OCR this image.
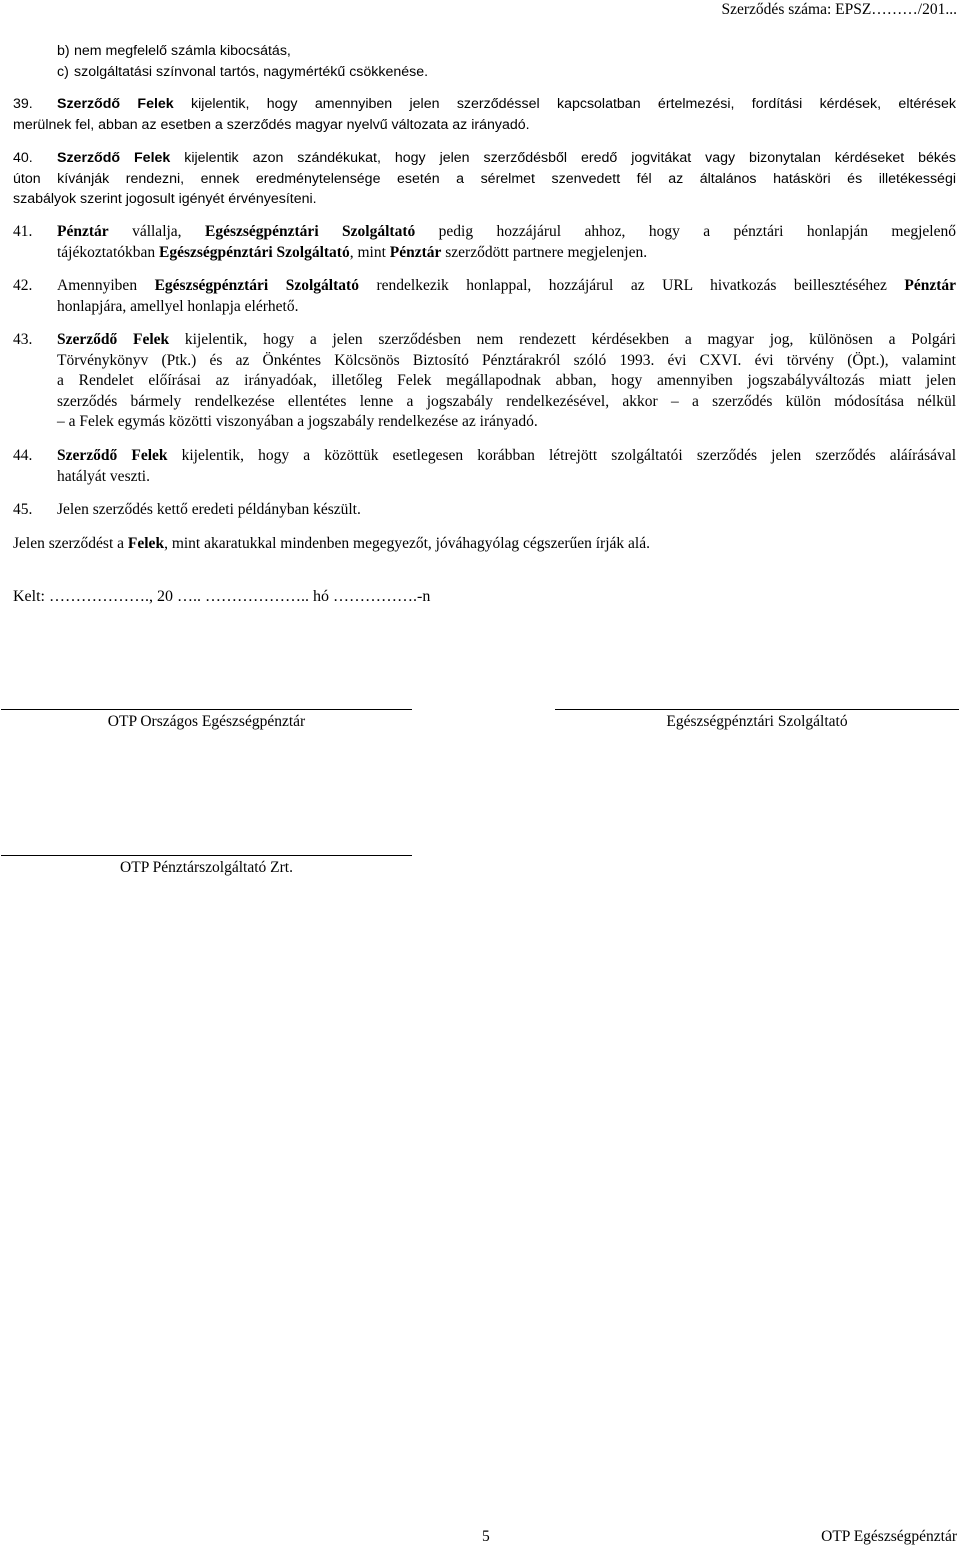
Szerződés száma: EPSZ………/201...
b) nem megfelelő számla kibocsátás,
c) szolgáltatási színvonal tartós, nagymértékű csökkenése.
39. Szerződő Felek kijelentik, hogy amennyiben jelen szerződéssel kapcsolatban értelmezési, fordítási kérdések, eltérések
merülnek fel, abban az esetben a szerződés magyar nyelvű változata az irányadó.
40. Szerződő Felek kijelentik azon szándékukat, hogy jelen szerződésből eredő jogvitákat vagy bizonytalan kérdéseket békés
úton kívánják rendezni, ennek eredménytelensége esetén a sérelmet szenvedett fél az általános hatásköri és illetékességi
szabályok szerint jogosult igényét érvényesíteni.
41. Pénztár vállalja, Egészségpénztári Szolgáltató pedig hozzájárul ahhoz, hogy a pénztári honlapján megjelenő
tájékoztatókban Egészségpénztári Szolgáltató, mint Pénztár szerződött partnere megjelenjen.
42. Amennyiben Egészségpénztári Szolgáltató rendelkezik honlappal, hozzájárul az URL hivatkozás beillesztéséhez Pénztár
honlapjára, amellyel honlapja elérhető.
43. Szerződő Felek kijelentik, hogy a jelen szerződésben nem rendezett kérdésekben a magyar jog, különösen a Polgári
Törvénykönyv (Ptk.) és az Önkéntes Kölcsönös Biztosító Pénztárakról szóló 1993. évi CXVI. évi törvény (Öpt.), valamint
a Rendelet előírásai az irányadóak, illetőleg Felek megállapodnak abban, hogy amennyiben jogszabályváltozás miatt jelen
szerződés bármely rendelkezése ellentétes lenne a jogszabály rendelkezésével, akkor – a szerződés külön módosítása nélkül
– a Felek egymás közötti viszonyában a jogszabály rendelkezése az irányadó.
44. Szerződő Felek kijelentik, hogy a közöttük esetlegesen korábban létrejött szolgáltatói szerződés jelen szerződés aláírásával
hatályát veszti.
45. Jelen szerződés kettő eredeti példányban készült.
Jelen szerződést a Felek, mint akaratukkal mindenben megegyezőt, jóváhagyólag cégszerűen írják alá.
Kelt: ………………., 20 ….. ……………….. hó …………….-n
OTP Országos Egészségpénztár	Egészségpénztári Szolgáltató
OTP Pénztárszolgáltató Zrt.
5	OTP Egészségpénztár
